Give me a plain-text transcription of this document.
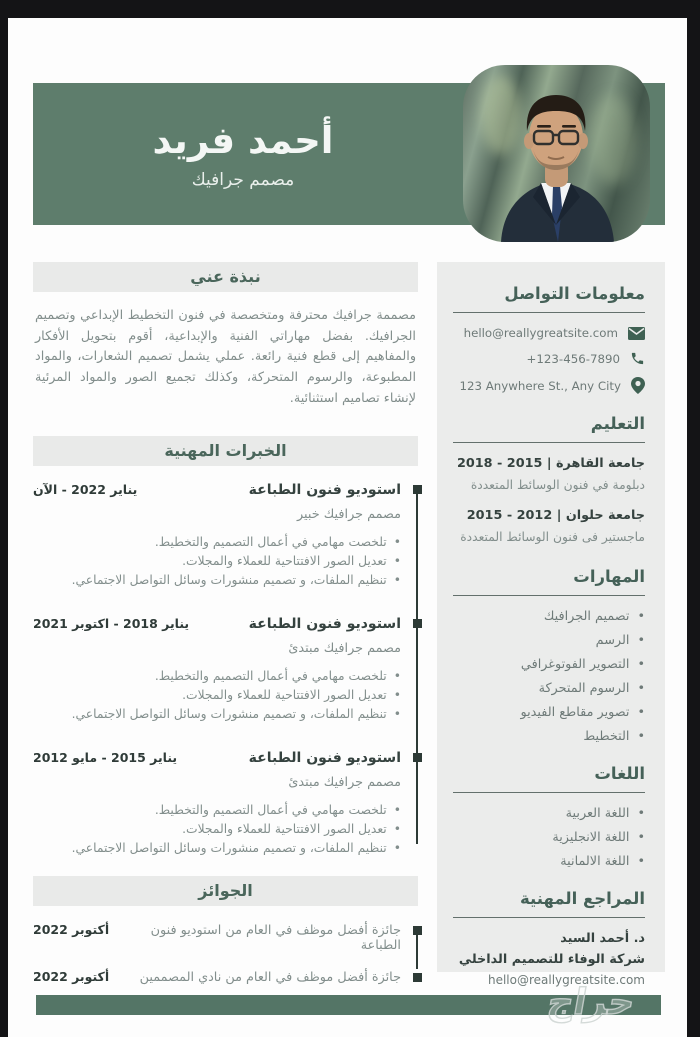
أحمد فريد
مصمم جرافيك
نبذة عني

مصممة جرافيك محترفة ومتخصصة في فنون التخطيط الإبداعي وتصميم الجرافيك. بفضل مهاراتي الفنية والإبداعية، أقوم بتحويل الأفكار والمفاهيم إلى قطع فنية رائعة. عملي يشمل تصميم الشعارات، والمواد المطبوعة، والرسوم المتحركة، وكذلك تجميع الصور والمواد المرئية لإنشاء تصاميم استثنائية.

الخبرات المهنية
استوديو فنون الطباعة
يناير 2022 - الآن
مصمم جرافيك خبير
•
تلخصت مهامي في أعمال التصميم والتخطيط.
•
تعديل الصور الافتتاحية للعملاء والمجلات.
•
تنظيم الملفات، و تصميم منشورات وسائل التواصل الاجتماعي.
استوديو فنون الطباعة
يناير 2018 - اكتوبر 2021
مصمم جرافيك مبتدئ
•
تلخصت مهامي في أعمال التصميم والتخطيط.
•
تعديل الصور الافتتاحية للعملاء والمجلات.
•
تنظيم الملفات، و تصميم منشورات وسائل التواصل الاجتماعي.
استوديو فنون الطباعة
يناير 2015 - مايو 2012
مصمم جرافيك مبتدئ
•
تلخصت مهامي في أعمال التصميم والتخطيط.
•
تعديل الصور الافتتاحية للعملاء والمجلات.
•
تنظيم الملفات، و تصميم منشورات وسائل التواصل الاجتماعي.
الجوائز
جائزة أفضل موظف في العام من استوديو فنون الطباعة
أكتوبر 2022
جائزة أفضل موظف في العام من نادي المصممين
أكتوبر 2022
معلومات التواصل
hello@reallygreatsite.com
+123-456-7890
123 Anywhere St., Any City
التعليم
جامعة القاهرة | 2015 - 2018
دبلومة في فنون الوسائط المتعددة
جامعة حلوان | 2012 - 2015
ماجستير فى فنون الوسائط المتعددة
المهارات
•
تصميم الجرافيك
•
الرسم
•
التصوير الفوتوغرافي
•
الرسوم المتحركة
•
تصوير مقاطع الفيديو
•
التخطيط
اللغات
•
اللغة العربية
•
اللغة الانجليزية
•
اللغة الالمانية
المراجع المهنية
د. أحمد السيد
شركة الوفاء للتصميم الداخلي
hello@reallygreatsite.com
حراج
